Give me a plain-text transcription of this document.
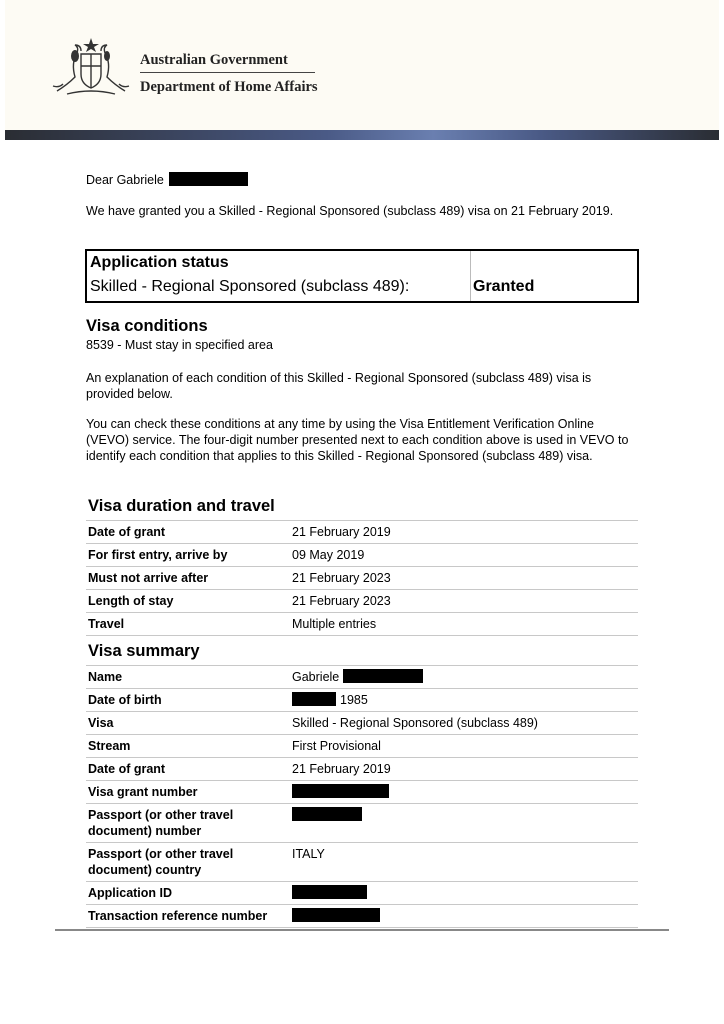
Australian Government
Department of Home Affairs
Dear Gabriele
We have granted you a Skilled - Regional Sponsored (subclass 489) visa on 21 February 2019.
Application status
Skilled - Regional Sponsored (subclass 489):	Granted
Visa conditions
8539 - Must stay in specified area
An explanation of each condition of this Skilled - Regional Sponsored (subclass 489) visa is provided below.
You can check these conditions at any time by using the Visa Entitlement Verification Online (VEVO) service. The four-digit number presented next to each condition above is used in VEVO to identify each condition that applies to this Skilled - Regional Sponsored (subclass 489) visa.
Visa duration and travel
Date of grant	21 February 2019
For first entry, arrive by	09 May 2019
Must not arrive after	21 February 2023
Length of stay	21 February 2023
Travel	Multiple entries
Visa summary
Name	Gabriele
Date of birth	1985
Visa	Skilled - Regional Sponsored (subclass 489)
Stream	First Provisional
Date of grant	21 February 2019
Visa grant number	
Passport (or other travel document) number	
Passport (or other travel document) country	ITALY
Application ID	
Transaction reference number	
